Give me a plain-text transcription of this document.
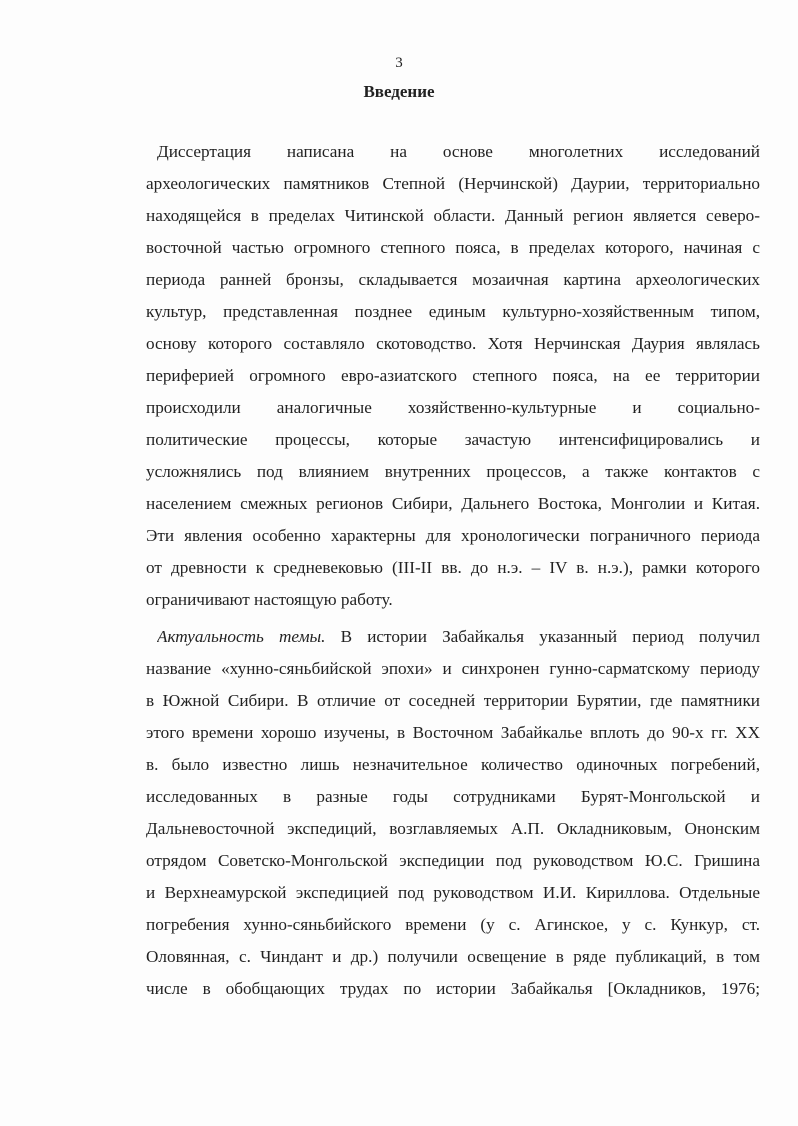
3
Введение
Диссертация написана на основе многолетних исследований
археологических памятников Степной (Нерчинской) Даурии, территориально
находящейся в пределах Читинской области. Данный регион является северо-
восточной частью огромного степного пояса, в пределах которого, начиная с
периода ранней бронзы, складывается мозаичная картина археологических
культур, представленная позднее единым культурно-хозяйственным типом,
основу которого составляло скотоводство. Хотя Нерчинская Даурия являлась
периферией огромного евро-азиатского степного пояса, на ее территории
происходили аналогичные хозяйственно-культурные и социально-
политические процессы, которые зачастую интенсифицировались и
усложнялись под влиянием внутренних процессов, а также контактов с
населением смежных регионов Сибири, Дальнего Востока, Монголии и Китая.
Эти явления особенно характерны для хронологически пограничного периода
от древности к средневековью (III-II вв. до н.э. – IV в. н.э.), рамки которого
ограничивают настоящую работу.
Актуальность темы. В истории Забайкалья указанный период получил
название «хунно-сяньбийской эпохи» и синхронен гунно-сарматскому периоду
в Южной Сибири. В отличие от соседней территории Бурятии, где памятники
этого времени хорошо изучены, в Восточном Забайкалье вплоть до 90-х гг. XX
в. было известно лишь незначительное количество одиночных погребений,
исследованных в разные годы сотрудниками Бурят-Монгольской и
Дальневосточной экспедиций, возглавляемых А.П. Окладниковым, Ононским
отрядом Советско-Монгольской экспедиции под руководством Ю.С. Гришина
и Верхнеамурской экспедицией под руководством И.И. Кириллова. Отдельные
погребения хунно-сяньбийского времени (у с. Агинское, у с. Кункур, ст.
Оловянная, с. Чиндант и др.) получили освещение в ряде публикаций, в том
числе в обобщающих трудах по истории Забайкалья [Окладников, 1976;
